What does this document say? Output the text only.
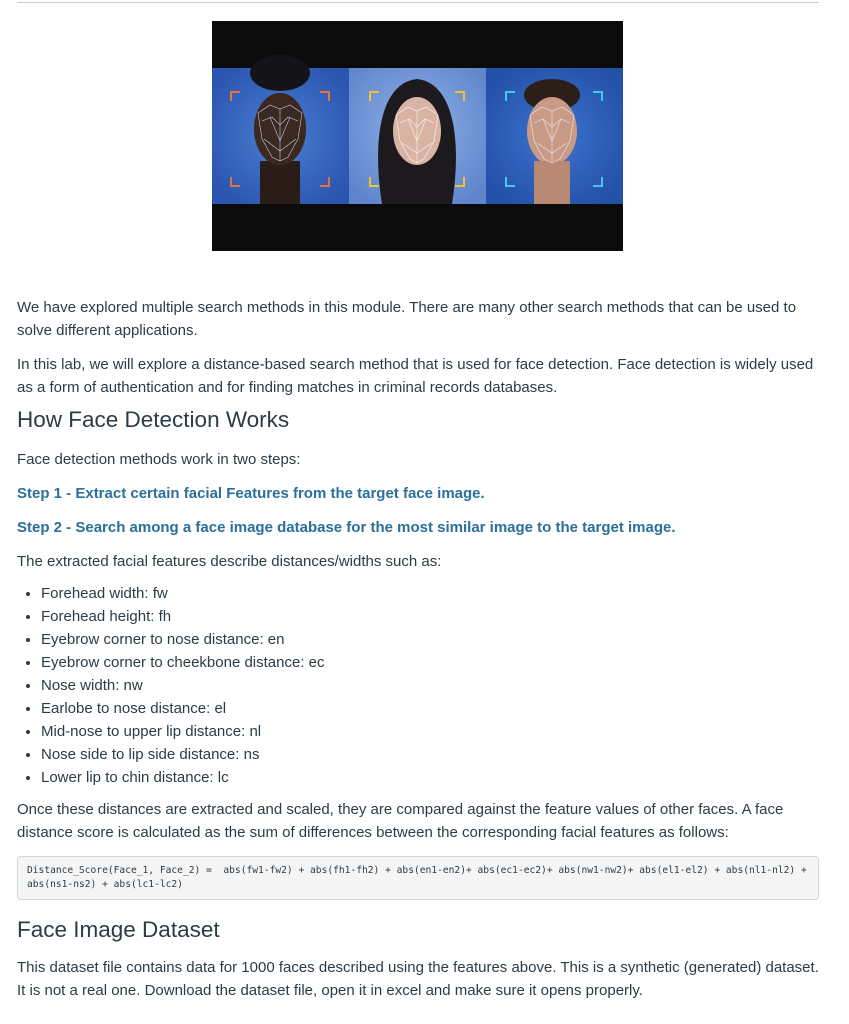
We have explored multiple search methods in this module. There are many other search methods that can be used to solve different applications.

In this lab, we will explore a distance-based search method that is used for face detection. Face detection is widely used as a form of authentication and for finding matches in criminal records databases.

How Face Detection Works

Face detection methods work in two steps:

Step 1 - Extract certain facial Features from the target face image.

Step 2 - Search among a face image database for the most similar image to the target image.

The extracted facial features describe distances/widths such as:

• Forehead width: fw
• Forehead height: fh
• Eyebrow corner to nose distance: en
• Eyebrow corner to cheekbone distance: ec
• Nose width: nw
• Earlobe to nose distance: el
• Mid-nose to upper lip distance: nl
• Nose side to lip side distance: ns
• Lower lip to chin distance: lc

Once these distances are extracted and scaled, they are compared against the feature values of other faces. A face distance score is calculated as the sum of differences between the corresponding facial features as follows:

Distance_Score(Face_1, Face_2) =  abs(fw1-fw2) + abs(fh1-fh2) + abs(en1-en2)+ abs(ec1-ec2)+ abs(nw1-nw2)+ abs(el1-el2) + abs(nl1-nl2) + abs(ns1-ns2) + abs(lc1-lc2)
Face Image Dataset

This dataset file contains data for 1000 faces described using the features above. This is a synthetic (generated) dataset. It is not a real one. Download the dataset file, open it in excel and make sure it opens properly.
